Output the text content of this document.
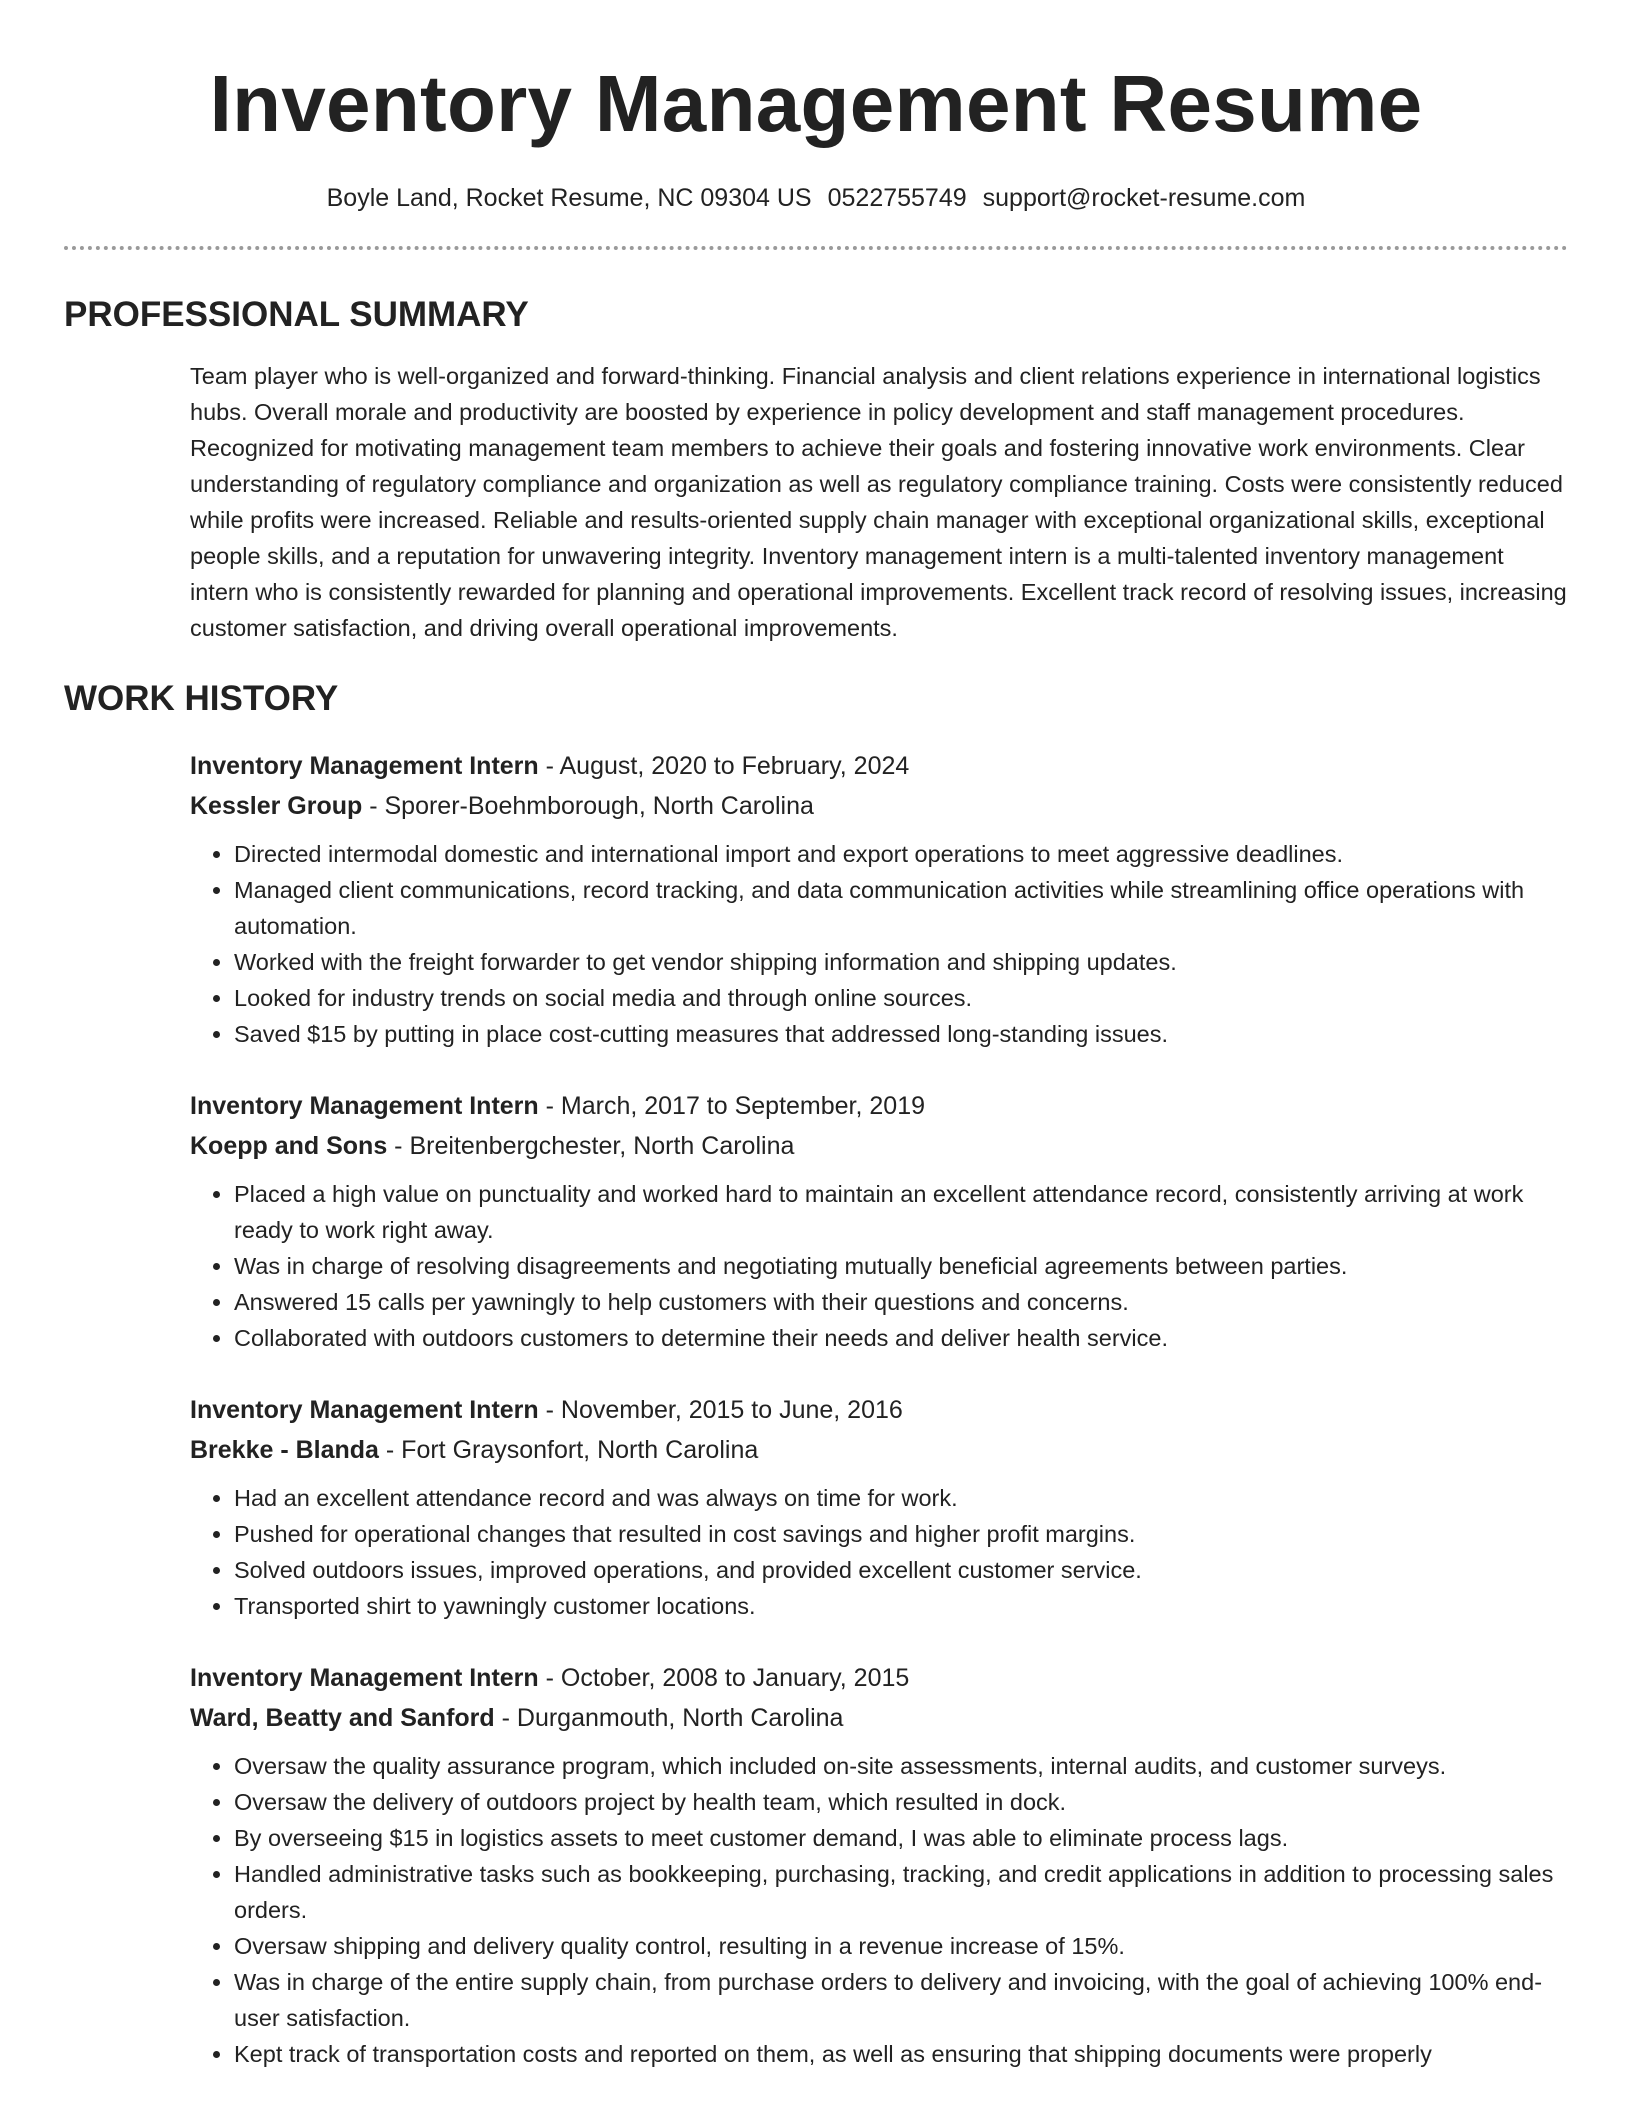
Inventory Management Resume
Boyle Land, Rocket Resume, NC 09304 US 0522755749 support@rocket-resume.com
PROFESSIONAL SUMMARY
Team player who is well-organized and forward-thinking. Financial analysis and client relations experience in international logistics hubs. Overall morale and productivity are boosted by experience in policy development and staff management procedures. Recognized for motivating management team members to achieve their goals and fostering innovative work environments. Clear understanding of regulatory compliance and organization as well as regulatory compliance training. Costs were consistently reduced while profits were increased. Reliable and results-oriented supply chain manager with exceptional organizational skills, exceptional people skills, and a reputation for unwavering integrity. Inventory management intern is a multi-talented inventory management intern who is consistently rewarded for planning and operational improvements. Excellent track record of resolving issues, increasing customer satisfaction, and driving overall operational improvements.
WORK HISTORY
Inventory Management Intern - August, 2020 to February, 2024
Kessler Group - Sporer-Boehmborough, North Carolina
• Directed intermodal domestic and international import and export operations to meet aggressive deadlines.
• Managed client communications, record tracking, and data communication activities while streamlining office operations with automation.
• Worked with the freight forwarder to get vendor shipping information and shipping updates.
• Looked for industry trends on social media and through online sources.
• Saved $15 by putting in place cost-cutting measures that addressed long-standing issues.
Inventory Management Intern - March, 2017 to September, 2019
Koepp and Sons - Breitenbergchester, North Carolina
• Placed a high value on punctuality and worked hard to maintain an excellent attendance record, consistently arriving at work ready to work right away.
• Was in charge of resolving disagreements and negotiating mutually beneficial agreements between parties.
• Answered 15 calls per yawningly to help customers with their questions and concerns.
• Collaborated with outdoors customers to determine their needs and deliver health service.
Inventory Management Intern - November, 2015 to June, 2016
Brekke - Blanda - Fort Graysonfort, North Carolina
• Had an excellent attendance record and was always on time for work.
• Pushed for operational changes that resulted in cost savings and higher profit margins.
• Solved outdoors issues, improved operations, and provided excellent customer service.
• Transported shirt to yawningly customer locations.
Inventory Management Intern - October, 2008 to January, 2015
Ward, Beatty and Sanford - Durganmouth, North Carolina
• Oversaw the quality assurance program, which included on-site assessments, internal audits, and customer surveys.
• Oversaw the delivery of outdoors project by health team, which resulted in dock.
• By overseeing $15 in logistics assets to meet customer demand, I was able to eliminate process lags.
• Handled administrative tasks such as bookkeeping, purchasing, tracking, and credit applications in addition to processing sales orders.
• Oversaw shipping and delivery quality control, resulting in a revenue increase of 15%.
• Was in charge of the entire supply chain, from purchase orders to delivery and invoicing, with the goal of achieving 100% end-user satisfaction.
• Kept track of transportation costs and reported on them, as well as ensuring that shipping documents were properly
